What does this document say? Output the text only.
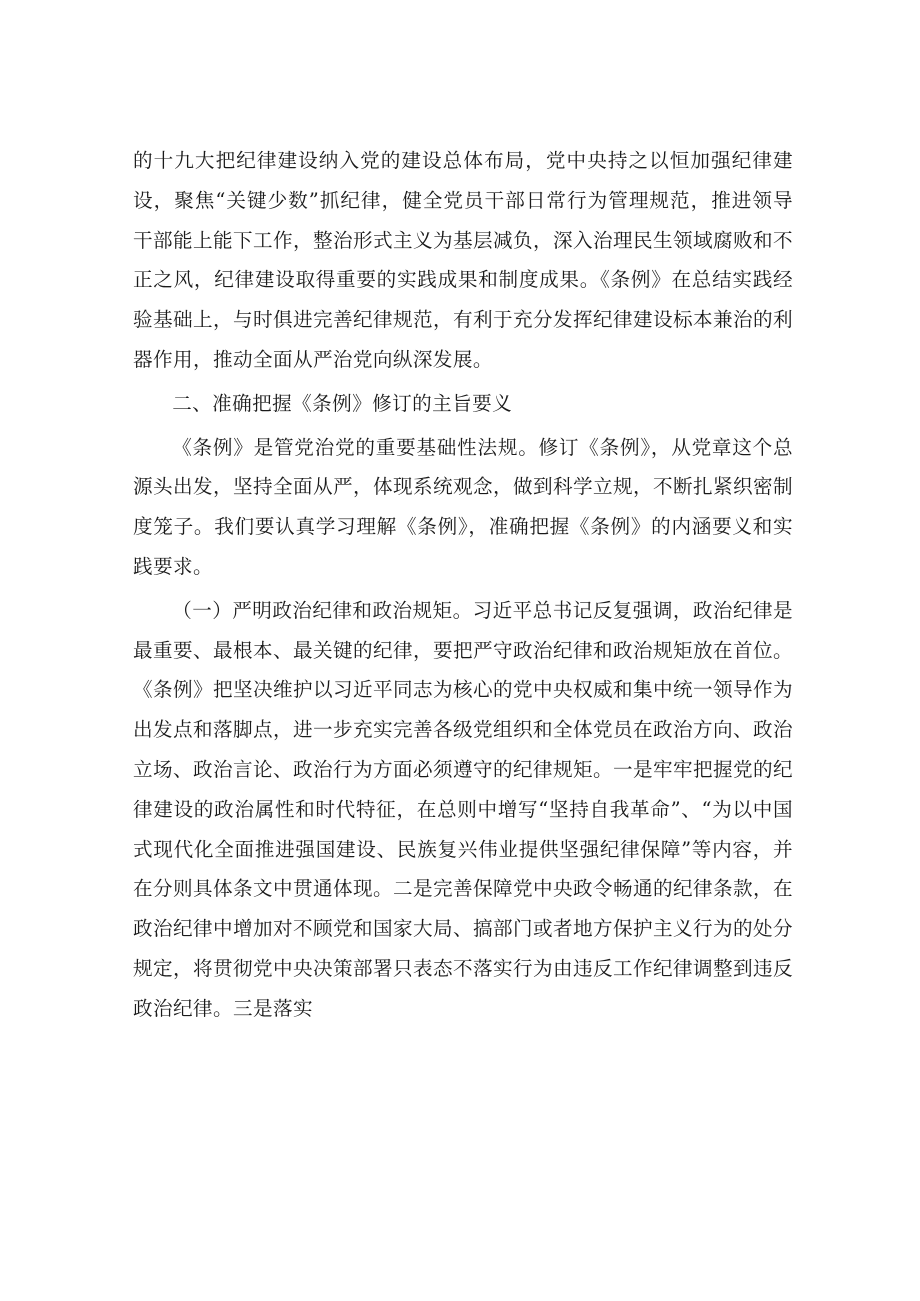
的十九大把纪律建设纳入党的建设总体布局，党中央持之以恒加强纪律建设，聚焦“关键少数”抓纪律，健全党员干部日常行为管理规范，推进领导干部能上能下工作，整治形式主义为基层减负，深入治理民生领域腐败和不正之风，纪律建设取得重要的实践成果和制度成果。《条例》在总结实践经验基础上，与时俱进完善纪律规范，有利于充分发挥纪律建设标本兼治的利器作用，推动全面从严治党向纵深发展。

二、准确把握《条例》修订的主旨要义

《条例》是管党治党的重要基础性法规。修订《条例》，从党章这个总源头出发，坚持全面从严，体现系统观念，做到科学立规，不断扎紧织密制度笼子。我们要认真学习理解《条例》，准确把握《条例》的内涵要义和实践要求。

（一）严明政治纪律和政治规矩。习近平总书记反复强调，政治纪律是最重要、最根本、最关键的纪律，要把严守政治纪律和政治规矩放在首位。《条例》把坚决维护以习近平同志为核心的党中央权威和集中统一领导作为出发点和落脚点，进一步充实完善各级党组织和全体党员在政治方向、政治立场、政治言论、政治行为方面必须遵守的纪律规矩。一是牢牢把握党的纪律建设的政治属性和时代特征，在总则中增写“坚持自我革命”、“为以中国式现代化全面推进强国建设、民族复兴伟业提供坚强纪律保障”等内容，并在分则具体条文中贯通体现。二是完善保障党中央政令畅通的纪律条款，在政治纪律中增加对不顾党和国家大局、搞部门或者地方保护主义行为的处分规定，将贯彻党中央决策部署只表态不落实行为由违反工作纪律调整到违反政治纪律。三是落实
